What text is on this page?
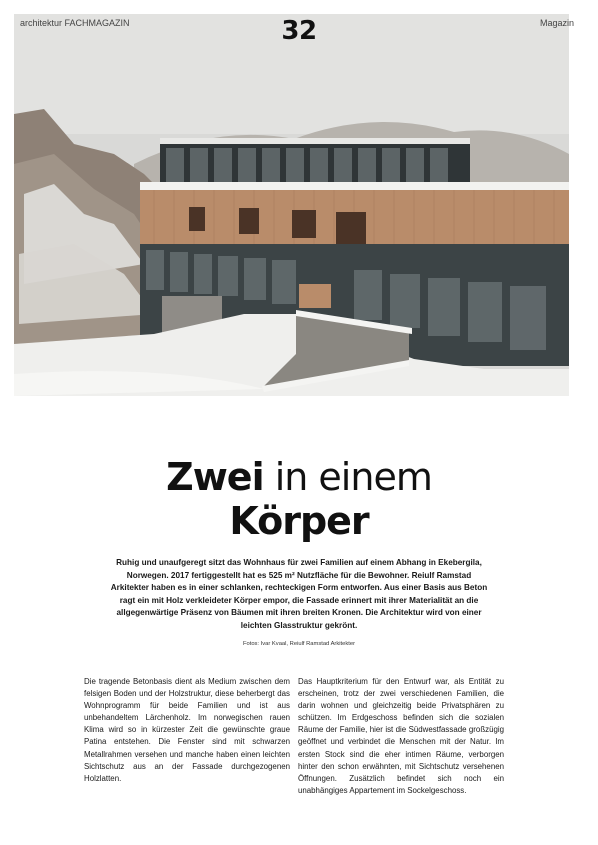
architektur FACHMAGAZIN	32	Magazin
Zwei in einem
Körper
Ruhig und unaufgeregt sitzt das Wohnhaus für zwei Familien auf einem Abhang in Ekebergila, Norwegen. 2017 fertiggestellt hat es 525 m² Nutzfläche für die Bewohner. Reiulf Ramstad Arkitekter haben es in einer schlanken, rechteckigen Form entworfen. Aus einer Basis aus Beton ragt ein mit Holz verkleideter Körper empor, die Fassade erinnert mit ihrer Materialität an die allgegenwärtige Präsenz von Bäumen mit ihren breiten Kronen. Die Architektur wird von einer leichten Glasstruktur gekrönt.
Fotos: Ivar Kvaal, Reiulf Ramstad Arkitekter
Die tragende Betonbasis dient als Medium zwischen dem felsigen Boden und der Holzstruktur, diese beherbergt das Wohnprogramm für beide Familien und ist aus unbehandeltem Lärchenholz. Im norwegischen rauen Klima wird so in kürzester Zeit die gewünschte graue Patina entstehen. Die Fenster sind mit schwarzen Metallrahmen versehen und manche haben einen leichten Sichtschutz aus an der Fassade durchgezogenen Holzlatten.
Das Hauptkriterium für den Entwurf war, als Entität zu erscheinen, trotz der zwei verschiedenen Familien, die darin wohnen und gleichzeitig beide Privatsphären zu schützen. Im Erdgeschoss befinden sich die sozialen Räume der Familie, hier ist die Südwestfassade großzügig geöffnet und verbindet die Menschen mit der Natur. Im ersten Stock sind die eher intimen Räume, verborgen hinter den schon erwähnten, mit Sichtschutz versehenen Öffnungen. Zusätzlich befindet sich noch ein unabhängiges Appartement im Sockelgeschoss.
